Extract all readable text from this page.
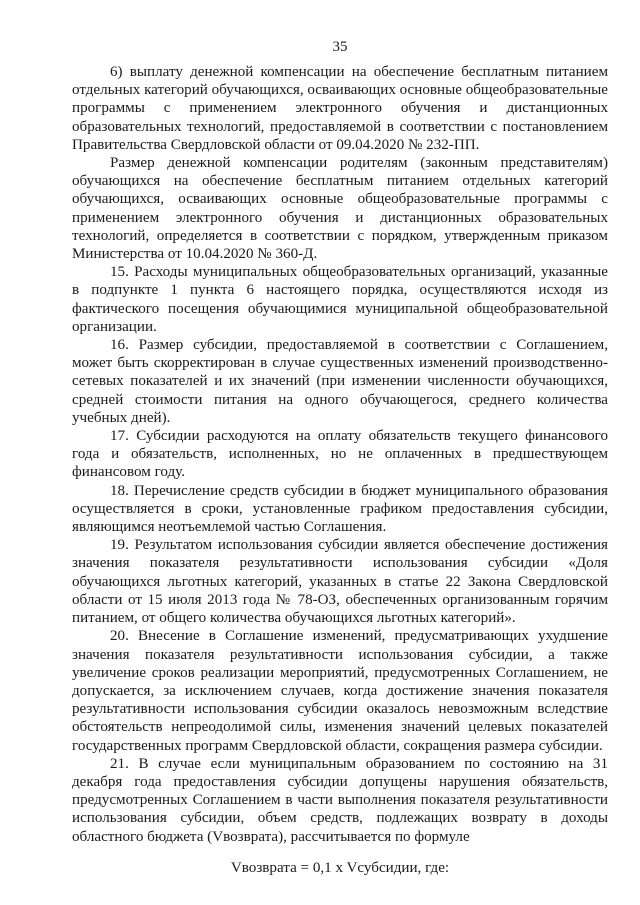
35

6) выплату денежной компенсации на обеспечение бесплатным питанием отдельных категорий обучающихся, осваивающих основные общеобразовательные программы с применением электронного обучения и дистанционных образовательных технологий, предоставляемой в соответствии с постановлением Правительства Свердловской области от 09.04.2020 № 232-ПП.

Размер денежной компенсации родителям (законным представителям) обучающихся на обеспечение бесплатным питанием отдельных категорий обучающихся, осваивающих основные общеобразовательные программы с применением электронного обучения и дистанционных образовательных технологий, определяется в соответствии с порядком, утвержденным приказом Министерства от 10.04.2020 № 360-Д.

15. Расходы муниципальных общеобразовательных организаций, указанные в подпункте 1 пункта 6 настоящего порядка, осуществляются исходя из фактического посещения обучающимися муниципальной общеобразовательной организации.

16. Размер субсидии, предоставляемой в соответствии с Соглашением, может быть скорректирован в случае существенных изменений производственно-сетевых показателей и их значений (при изменении численности обучающихся, средней стоимости питания на одного обучающегося, среднего количества учебных дней).

17. Субсидии расходуются на оплату обязательств текущего финансового года и обязательств, исполненных, но не оплаченных в предшествующем финансовом году.

18. Перечисление средств субсидии в бюджет муниципального образования осуществляется в сроки, установленные графиком предоставления субсидии, являющимся неотъемлемой частью Соглашения.

19. Результатом использования субсидии является обеспечение достижения значения показателя результативности использования субсидии «Доля обучающихся льготных категорий, указанных в статье 22 Закона Свердловской области от 15 июля 2013 года № 78-ОЗ, обеспеченных организованным горячим питанием, от общего количества обучающихся льготных категорий».

20. Внесение в Соглашение изменений, предусматривающих ухудшение значения показателя результативности использования субсидии, а также увеличение сроков реализации мероприятий, предусмотренных Соглашением, не допускается, за исключением случаев, когда достижение значения показателя результативности использования субсидии оказалось невозможным вследствие обстоятельств непреодолимой силы, изменения значений целевых показателей государственных программ Свердловской области, сокращения размера субсидии.

21. В случае если муниципальным образованием по состоянию на 31 декабря года предоставления субсидии допущены нарушения обязательств, предусмотренных Соглашением в части выполнения показателя результативности использования субсидии, объем средств, подлежащих возврату в доходы областного бюджета (Vвозврата), рассчитывается по формуле

Vвозврата = 0,1 x Vсубсидии, где:
